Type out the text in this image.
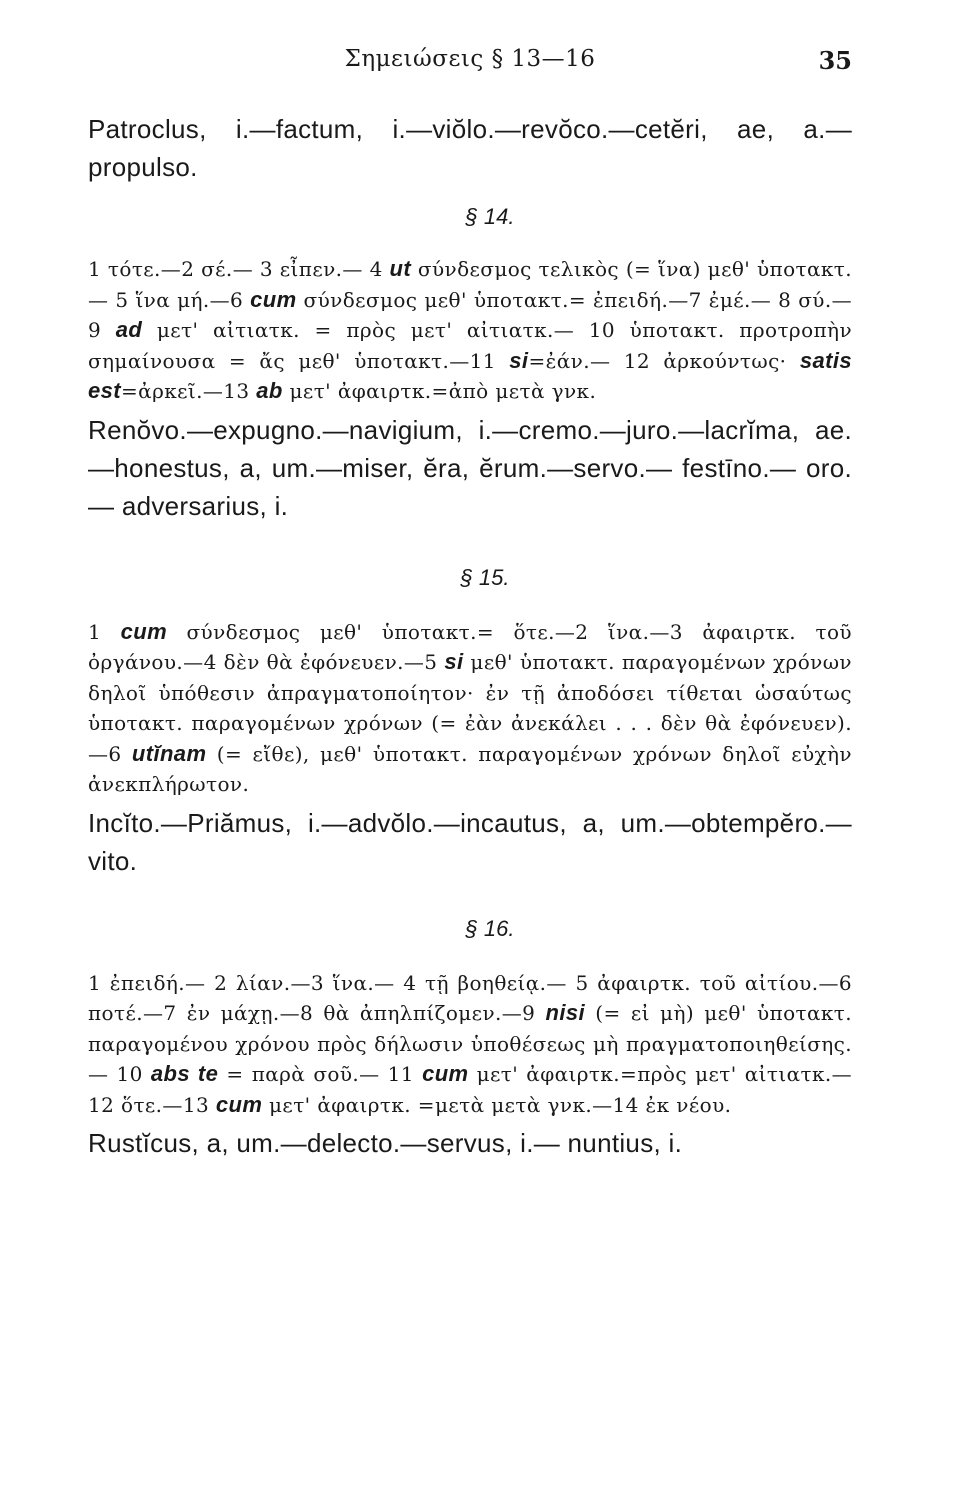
Σημειώσεις § 13—16	35

Patroclus, i.—factum, i.—viŏlo.—revŏco.—cetĕri, ae, a.—propulso.

§ 14.

1 τότε.—2 σέ.— 3 εἶπεν.— 4 ut σύνδεσμος τελικὸς (= ἵνα) μεθ' ὑποτακτ.— 5 ἵνα μή.—6 cum σύνδεσμος μεθ' ὑποτακτ.= ἐπειδή.—7 ἐμέ.— 8 σύ.— 9 ad μετ' αἰτιατκ. = πρὸς μετ' αἰτιατκ.— 10 ὑποτακτ. προτροπὴν σημαίνουσα = ἄς μεθ' ὑποτακτ.—11 si=ἐάν.— 12 ἀρκούντως· satis est=ἀρκεῖ.—13 ab μετ' ἀφαιρτκ.=ἀπὸ μετὰ γνκ.

Renŏvo.—expugno.—navigium, i.—cremo.—juro.—lacrĭma, ae.—honestus, a, um.—miser, ĕra, ĕrum.—servo.— festīno.— oro.— adversarius, i.

§ 15.

1 cum σύνδεσμος μεθ' ὑποτακτ.= ὅτε.—2 ἵνα.—3 ἀφαιρτκ. τοῦ ὀργάνου.—4 δὲν θὰ ἐφόνευεν.—5 si μεθ' ὑποτακτ. παραγομένων χρόνων δηλοῖ ὑπόθεσιν ἀπραγματοποίητον· ἐν τῇ ἀποδόσει τίθεται ὡσαύτως ὑποτακτ. παραγομένων χρόνων (= ἐὰν ἀνεκάλει . . . δὲν θὰ ἐφόνευεν).—6 utĭnam (= εἴθε), μεθ' ὑποτακτ. παραγομένων χρόνων δηλοῖ εὐχὴν ἀνεκπλήρωτον.

Incĭto.—Priămus, i.—advŏlo.—incautus, a, um.—obtempĕro.—vito.

§ 16.

1 ἐπειδή.— 2 λίαν.—3 ἵνα.— 4 τῇ βοηθείᾳ.— 5 ἀφαιρτκ. τοῦ αἰτίου.—6 ποτέ.—7 ἐν μάχῃ.—8 θὰ ἀπηλπίζομεν.—9 nisi (= εἰ μὴ) μεθ' ὑποτακτ. παραγομένου χρόνου πρὸς δήλωσιν ὑποθέσεως μὴ πραγματοποιηθείσης.— 10 abs te = παρὰ σοῦ.— 11 cum μετ' ἀφαιρτκ.=πρὸς μετ' αἰτιατκ.—12 ὅτε.—13 cum μετ' ἀφαιρτκ. =μετὰ μετὰ γνκ.—14 ἐκ νέου.

Rustĭcus, a, um.—delecto.—servus, i.— nuntius, i.
